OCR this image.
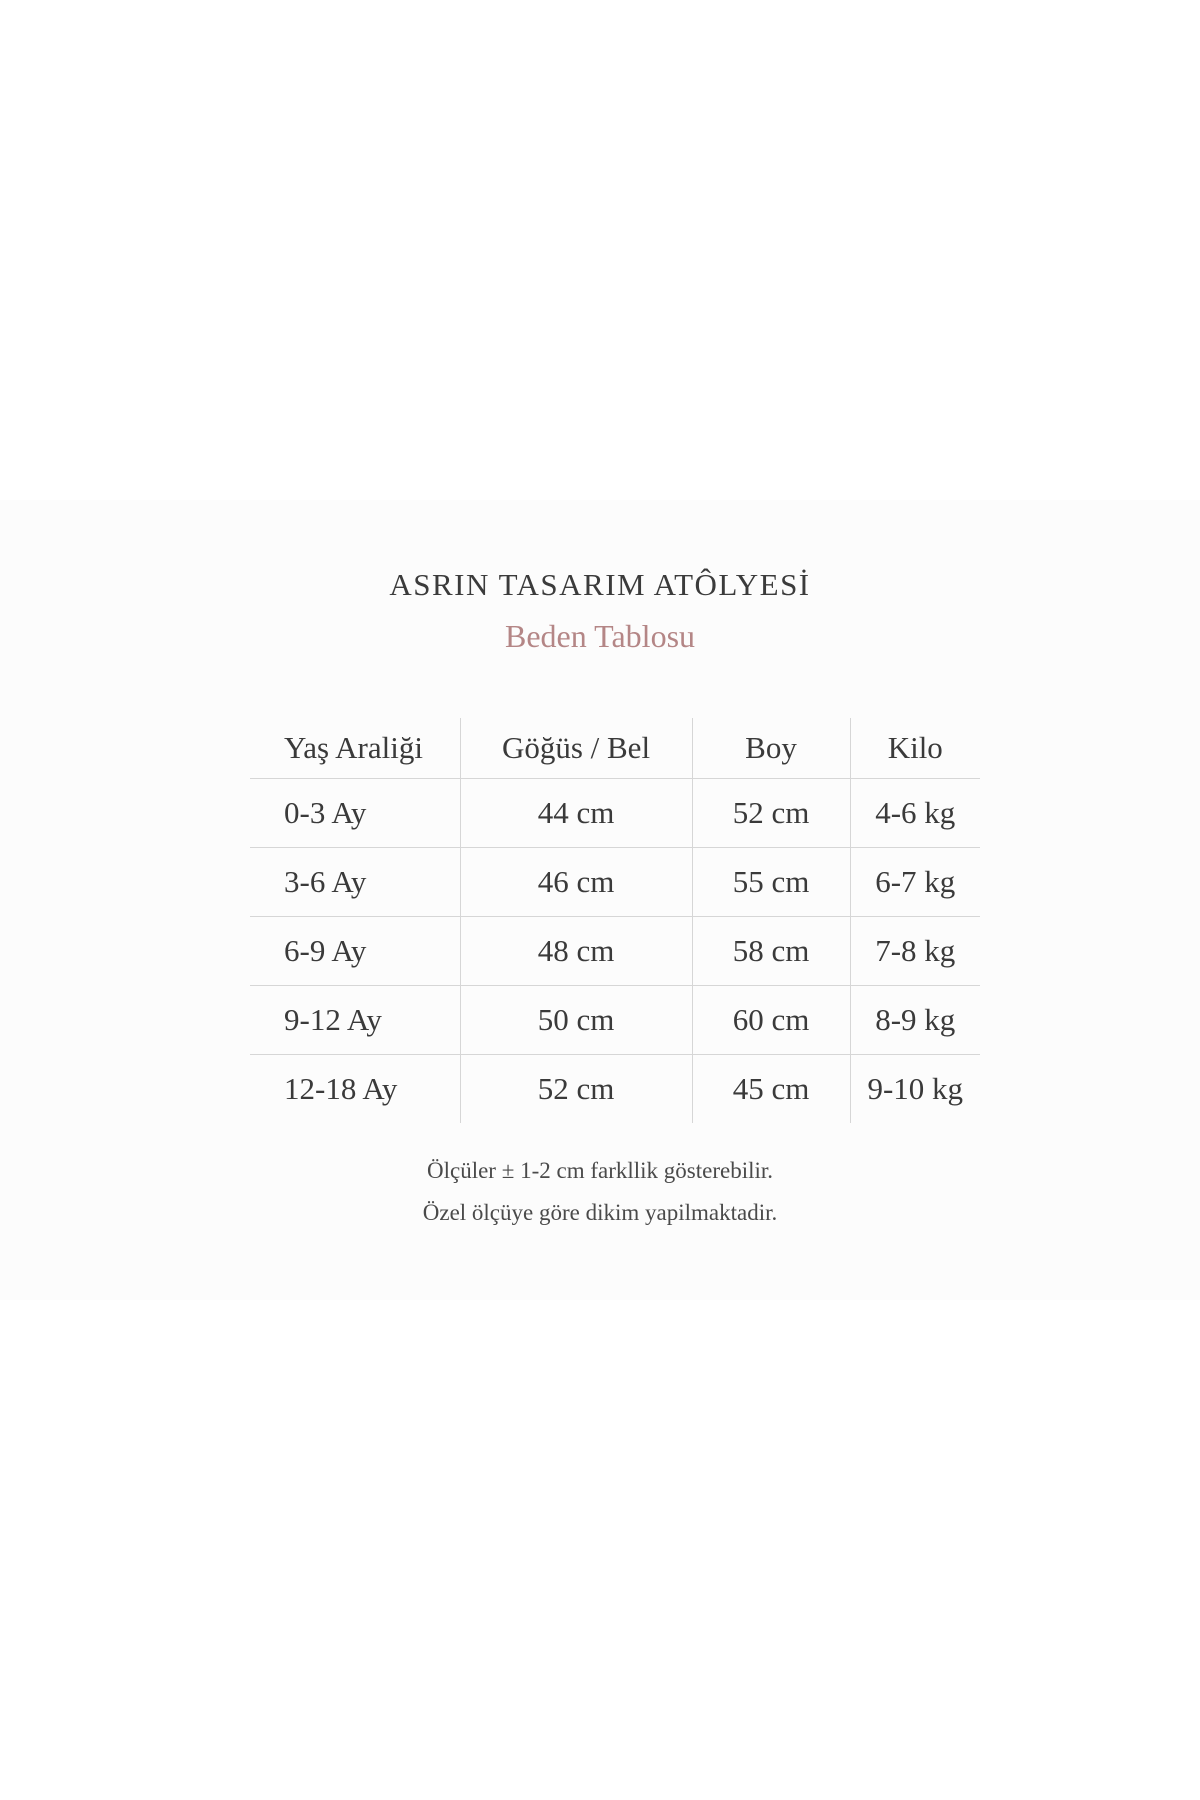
ASRIN TASARIM ATÔLYESİ
Beden Tablosu
Yaş Araliği	Göğüs / Bel	Boy	Kilo
0-3 Ay	44 cm	52 cm	4-6 kg
3-6 Ay	46 cm	55 cm	6-7 kg
6-9 Ay	48 cm	58 cm	7-8 kg
9-12 Ay	50 cm	60 cm	8-9 kg
12-18 Ay	52 cm	45 cm	9-10 kg
Ölçüler ± 1-2 cm farkllik gösterebilir.
Özel ölçüye göre dikim yapilmaktadir.
